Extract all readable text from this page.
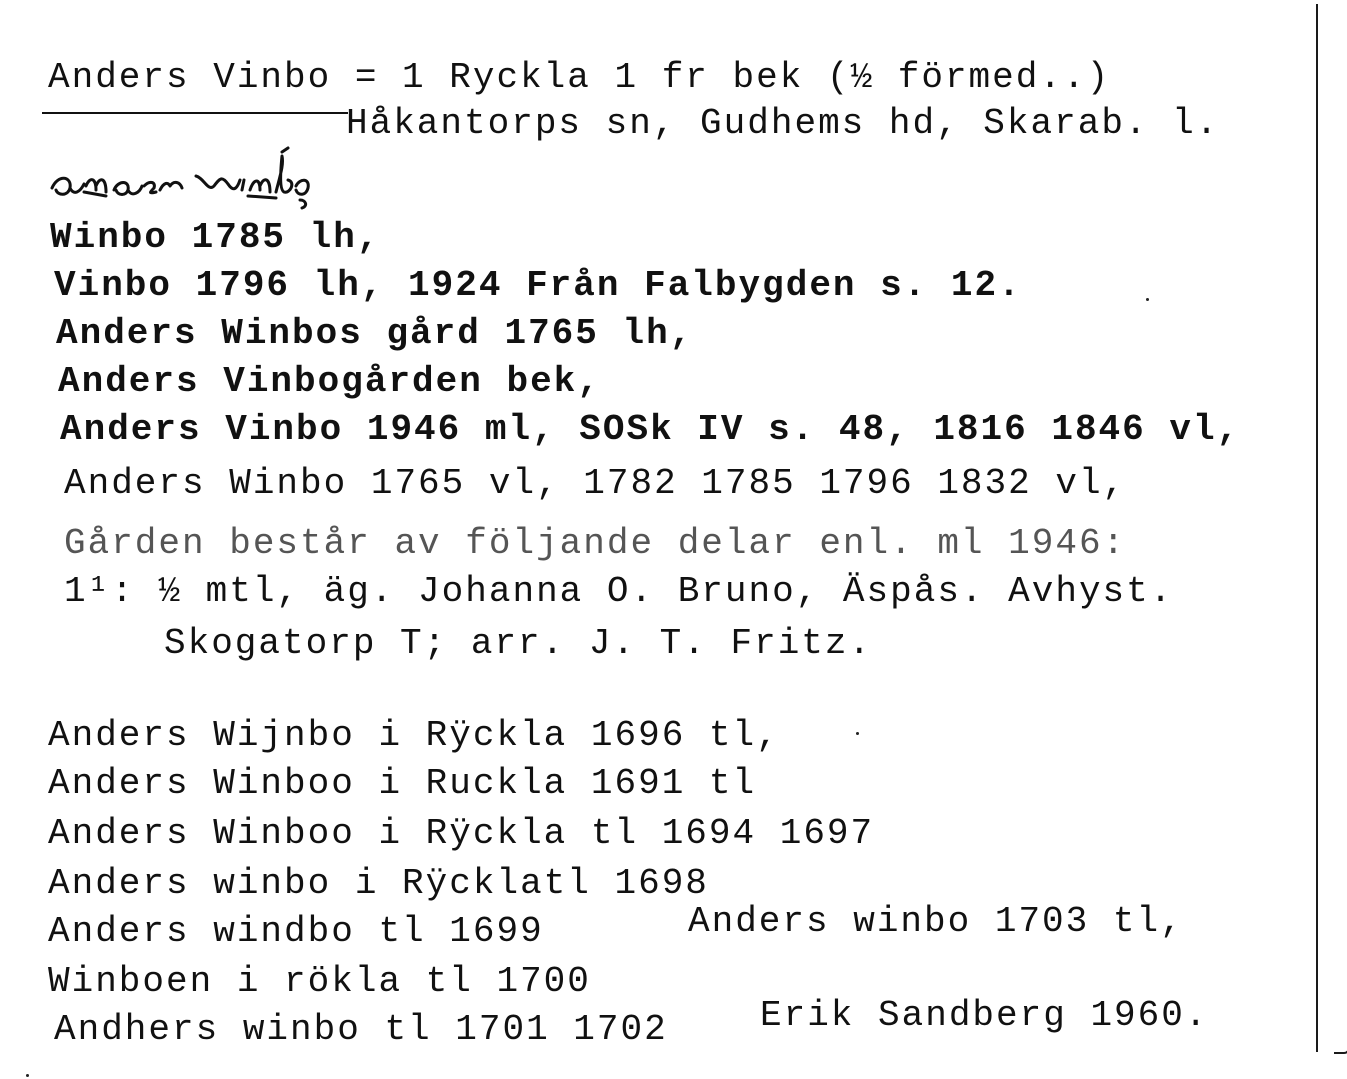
Anders Vinbo = 1 Ryckla 1 fr bek (½ förmed..)
Håkantorps sn, Gudhems hd, Skarab. l.
Winbo 1785 lh,
Vinbo 1796 lh, 1924 Från Falbygden s. 12.
Anders Winbos gård 1765 lh,
Anders Vinbogården bek,
Anders Vinbo 1946 ml, SOSk IV s. 48, 1816 1846 vl,
Anders Winbo 1765 vl, 1782 1785 1796 1832 vl,
Gården består av följande delar enl. ml 1946:
1¹: ½ mtl, äg. Johanna O. Bruno, Äspås. Avhyst.
Skogatorp T; arr. J. T. Fritz.
Anders Wijnbo i Rÿckla 1696 tl,
Anders Winboo i Ruckla 1691 tl
Anders Winboo i Rÿckla tl 1694 1697
Anders winbo i Rÿcklatl 1698
Anders windbo tl 1699	Anders winbo 1703 tl,
Winboen i rökla tl 1700
Andhers winbo tl 1701 1702	Erik Sandberg 1960.
